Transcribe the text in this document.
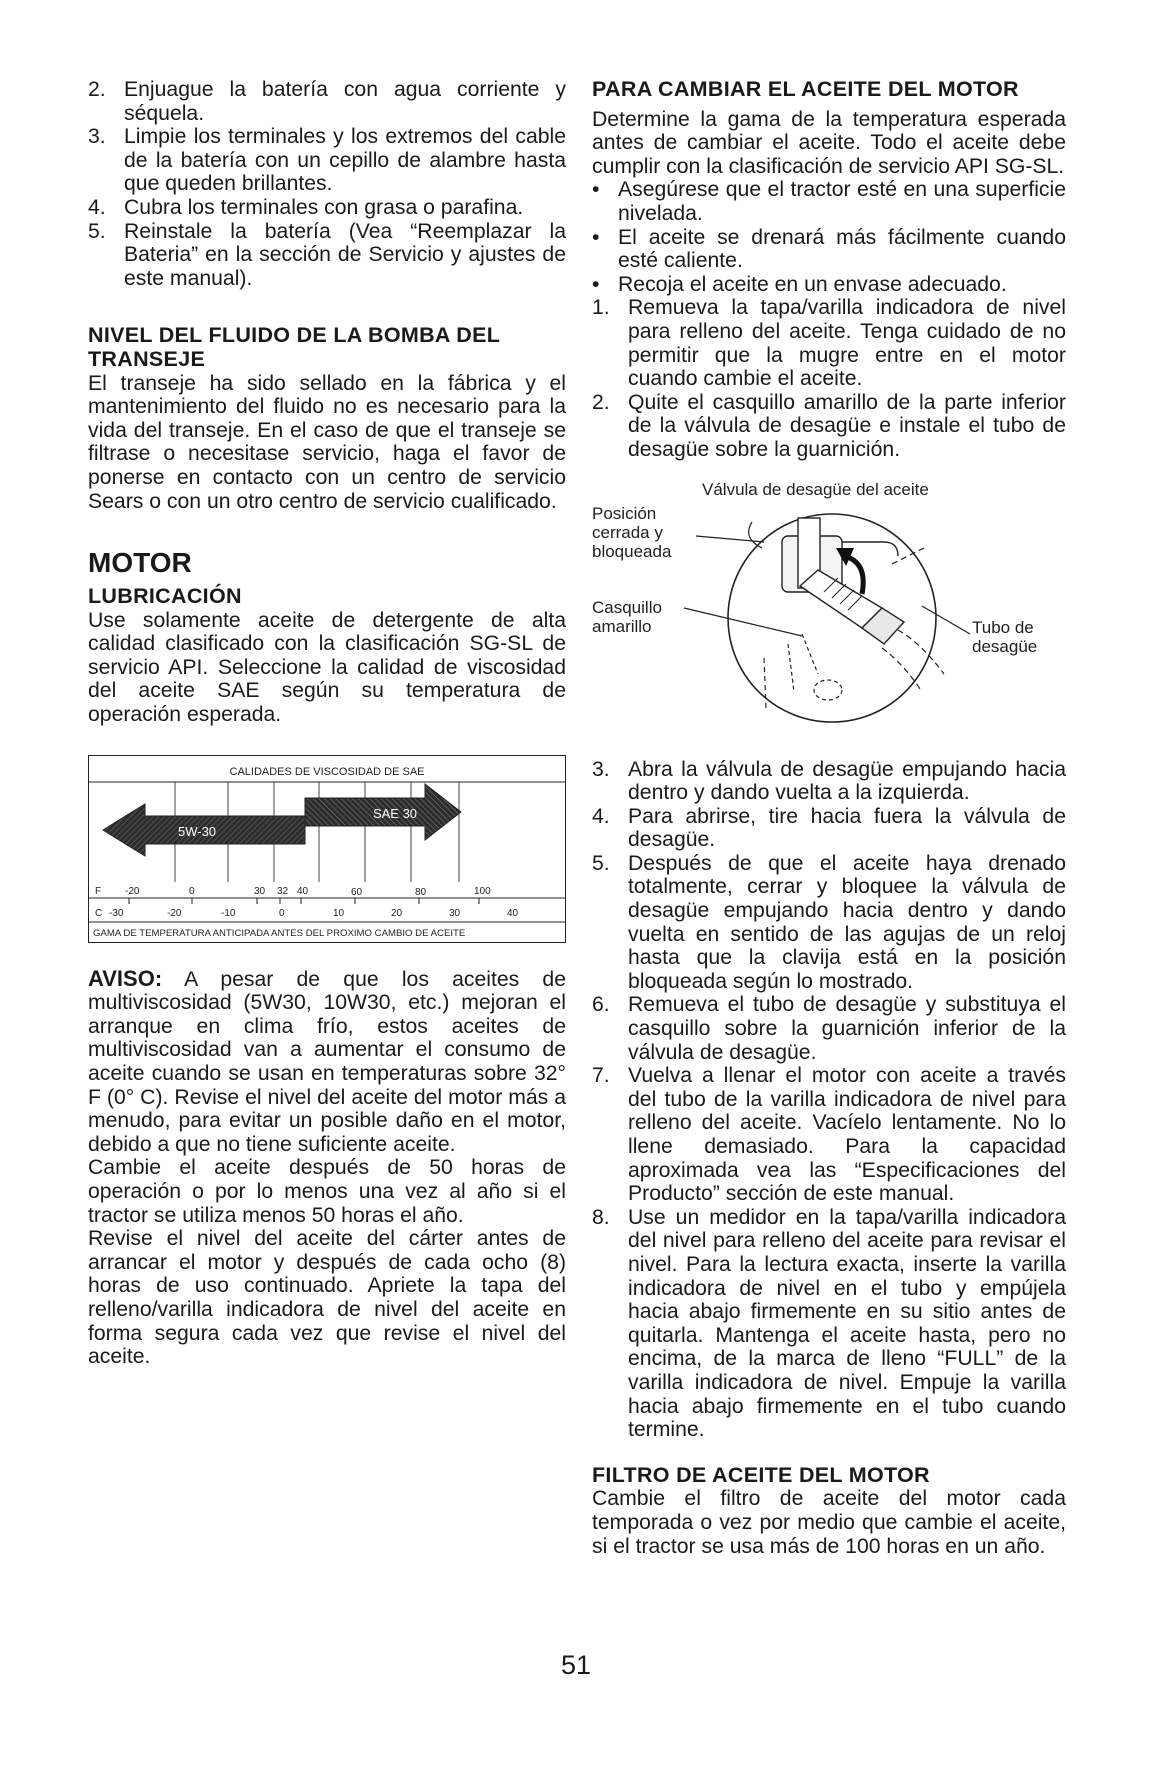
2. Enjuague la batería con agua corriente y séquela.
3. Limpie los terminales y los extremos del cable de la batería con un cepillo de alambre hasta que queden brillantes.
4. Cubra los terminales con grasa o parafina.
5. Reinstale la batería (Vea “Reemplazar la Bateria” en la sección de Servicio y ajustes de este manual).
NIVEL DEL FLUIDO DE LA BOMBA DEL TRANSEJE

El transeje ha sido sellado en la fábrica y el mantenimiento del fluido no es necesario para la vida del transeje. En el caso de que el transeje se filtrase o necesitase servicio, haga el favor de ponerse en contacto con un centro de servicio Sears o con un otro centro de servicio cualificado.

MOTOR
LUBRICACIÓN

Use solamente aceite de detergente de alta calidad clasificado con la clasificación SG-SL de servicio API. Seleccione la calidad de viscosidad del aceite SAE según su temperatura de operación esperada.

CALIDADES DE VISCOSIDAD DE SAE
SAE 30
5W-30
F -20	0	30 32 40	60	80	100
C -30	-20	-10	0	10	20	30	40
GAMA DE TEMPERATURA ANTICIPADA ANTES DEL PROXIMO CAMBIO DE ACEITE

AVISO: A pesar de que los aceites de multiviscosidad (5W30, 10W30, etc.) mejoran el arranque en clima frío, estos aceites de multiviscosidad van a aumentar el consumo de aceite cuando se usan en temperaturas sobre 32° F (0° C). Revise el nivel del aceite del motor más a menudo, para evitar un posible daño en el motor, debido a que no tiene suficiente aceite.

Cambie el aceite después de 50 horas de operación o por lo menos una vez al año si el tractor se utiliza menos 50 horas el año.

Revise el nivel del aceite del cárter antes de arrancar el motor y después de cada ocho (8) horas de uso continuado. Apriete la tapa del relleno/varilla indicadora de nivel del aceite en forma segura cada vez que revise el nivel del aceite.

PARA CAMBIAR EL ACEITE DEL MOTOR

Determine la gama de la temperatura esperada antes de cambiar el aceite. Todo el aceite debe cumplir con la clasificación de servicio API SG-SL.

• Asegúrese que el tractor esté en una superficie nivelada.
• El aceite se drenará más fácilmente cuando esté caliente.
• Recoja el aceite en un envase adecuado.
1. Remueva la tapa/varilla indicadora de nivel para relleno del aceite. Tenga cuidado de no permitir que la mugre entre en el motor cuando cambie el aceite.
2. Quite el casquillo amarillo de la parte inferior de la válvula de desagüe e instale el tubo de desagüe sobre la guarnición.
Válvula de desagüe del aceite
Posición cerrada y bloqueada
Casquillo amarillo	Tubo de desagüe
3. Abra la válvula de desagüe empujando hacia dentro y dando vuelta a la izquierda.
4. Para abrirse, tire hacia fuera la válvula de desagüe.
5. Después de que el aceite haya drenado totalmente, cerrar y bloquee la válvula de desagüe empujando hacia dentro y dando vuelta en sentido de las agujas de un reloj hasta que la clavija está en la posición bloqueada según lo mostrado.
6. Remueva el tubo de desagüe y substituya el casquillo sobre la guarnición inferior de la válvula de desagüe.
7. Vuelva a llenar el motor con aceite a través del tubo de la varilla indicadora de nivel para relleno del aceite. Vacíelo lentamente. No lo llene demasiado. Para la capacidad aproximada vea las “Especificaciones del Producto” sección de este manual.
8. Use un medidor en la tapa/varilla indicadora del nivel para relleno del aceite para revisar el nivel. Para la lectura exacta, inserte la varilla indicadora de nivel en el tubo y empújela hacia abajo firmemente en su sitio antes de quitarla. Mantenga el aceite hasta, pero no encima, de la marca de lleno “FULL” de la varilla indicadora de nivel. Empuje la varilla hacia abajo firmemente en el tubo cuando termine.
FILTRO DE ACEITE DEL MOTOR

Cambie el filtro de aceite del motor cada temporada o vez por medio que cambie el aceite, si el tractor se usa más de 100 horas en un año.

51
